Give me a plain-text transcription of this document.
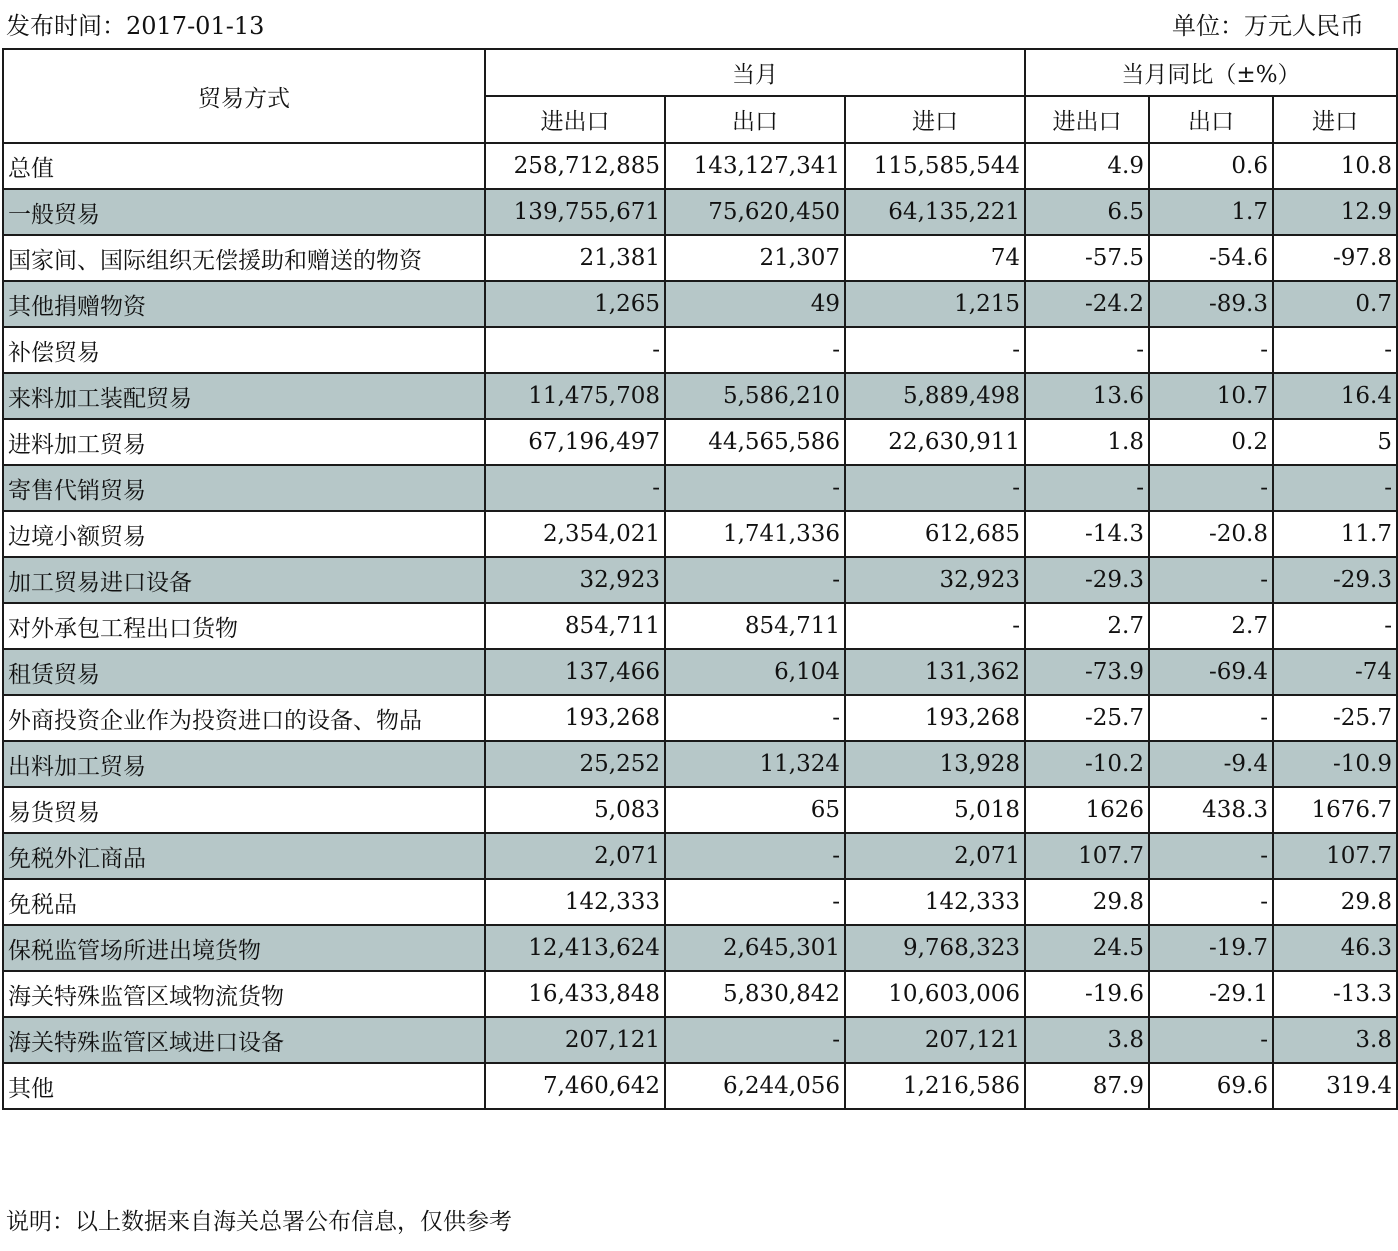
发布时间：2017-01-13	单位：万元人民币
贸易方式	当月			当月同比（±%）		
	进出口	出口	进口	进出口	出口	进口
总值	258,712,885	143,127,341	115,585,544	4.9	0.6	10.8
一般贸易	139,755,671	75,620,450	64,135,221	6.5	1.7	12.9
国家间、国际组织无偿援助和赠送的物资	21,381	21,307	74	-57.5	-54.6	-97.8
其他捐赠物资	1,265	49	1,215	-24.2	-89.3	0.7
补偿贸易	-	-	-	-	-	-
来料加工装配贸易	11,475,708	5,586,210	5,889,498	13.6	10.7	16.4
进料加工贸易	67,196,497	44,565,586	22,630,911	1.8	0.2	5
寄售代销贸易	-	-	-	-	-	-
边境小额贸易	2,354,021	1,741,336	612,685	-14.3	-20.8	11.7
加工贸易进口设备	32,923	-	32,923	-29.3	-	-29.3
对外承包工程出口货物	854,711	854,711	-	2.7	2.7	-
租赁贸易	137,466	6,104	131,362	-73.9	-69.4	-74
外商投资企业作为投资进口的设备、物品	193,268	-	193,268	-25.7	-	-25.7
出料加工贸易	25,252	11,324	13,928	-10.2	-9.4	-10.9
易货贸易	5,083	65	5,018	1626	438.3	1676.7
免税外汇商品	2,071	-	2,071	107.7	-	107.7
免税品	142,333	-	142,333	29.8	-	29.8
保税监管场所进出境货物	12,413,624	2,645,301	9,768,323	24.5	-19.7	46.3
海关特殊监管区域物流货物	16,433,848	5,830,842	10,603,006	-19.6	-29.1	-13.3
海关特殊监管区域进口设备	207,121	-	207,121	3.8	-	3.8
其他	7,460,642	6,244,056	1,216,586	87.9	69.6	319.4
说明：以上数据来自海关总署公布信息，仅供参考
